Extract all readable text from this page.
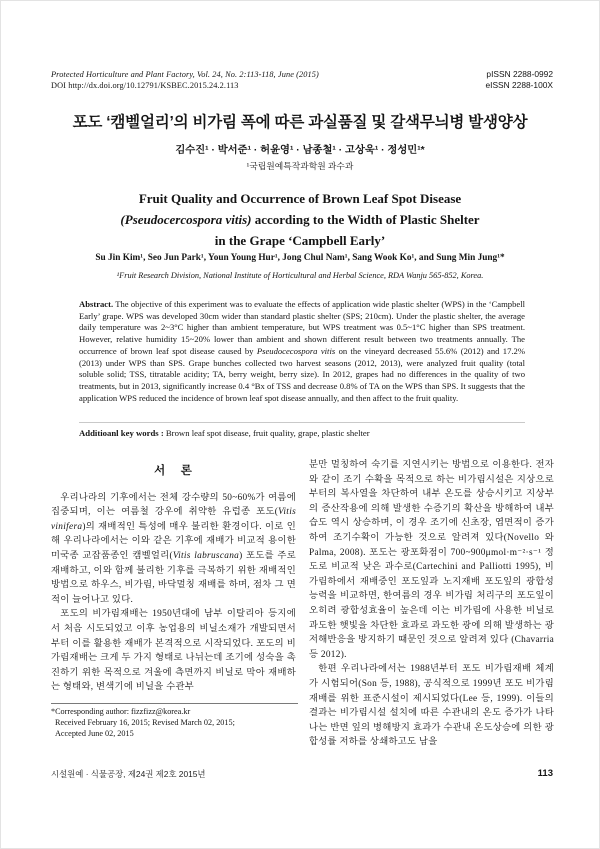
Protected Horticulture and Plant Factory, Vol. 24, No. 2:113-118, June (2015)
DOI http://dx.doi.org/10.12791/KSBEC.2015.24.2.113
pISSN 2288-0992
eISSN 2288-100X
포도 ‘캠벨얼리’의 비가림 폭에 따른 과실품질 및 갈색무늬병 발생양상
김수진¹ · 박서준¹ · 허윤영¹ · 남종철¹ · 고상욱¹ · 정성민¹*
¹국립원예특작과학원 과수과
Fruit Quality and Occurrence of Brown Leaf Spot Disease
(Pseudocercospora vitis) according to the Width of Plastic Shelter
in the Grape ‘Campbell Early’
Su Jin Kim¹, Seo Jun Park¹, Youn Young Hur¹, Jong Chul Nam¹, Sang Wook Ko¹, and Sung Min Jung¹*
¹Fruit Research Division, National Institute of Horticultural and Herbal Science, RDA Wanju 565-852, Korea.
Abstract. The objective of this experiment was to evaluate the effects of application wide plastic shelter (WPS) in the ‘Campbell Early’ grape. WPS was developed 30cm wider than standard plastic shelter (SPS; 210cm). Under the plastic shelter, the average daily temperature was 2~3°C higher than ambient temperature, but WPS treatment was 0.5~1°C higher than SPS treatment. However, relative humidity 15~20% lower than ambient and shown different result between two treatments annually. The occurrence of brown leaf spot disease caused by Pseudocecospora vitis on the vineyard decreased 55.6% (2012) and 17.2% (2013) under WPS than SPS. Grape bunches collected two harvest seasons (2012, 2013), were analyzed fruit quality (total soluble solid; TSS, titratable acidity; TA, berry weight, berry size). In 2012, grapes had no differences in the quality of two treatments, but in 2013, significantly increase 0.4 °Bx of TSS and decrease 0.8% of TA on the WPS than SPS. It suggests that the application WPS reduced the incidence of brown leaf spot disease annually, and then affect to the fruit quality.
Additioanl key words : Brown leaf spot disease, fruit quality, grape, plastic shelter
서 론

우리나라의 기후에서는 전체 강수량의 50~60%가 여름에 집중되며, 이는 여름철 강우에 취약한 유럽종 포도(Vitis vinifera)의 재배적인 특성에 매우 불리한 환경이다. 이로 인해 우리나라에서는 이와 같은 기후에 재배가 비교적 용이한 미국종 교잡품종인 캠벨얼리(Vitis labruscana) 포도를 주로 재배하고, 이와 함께 불리한 기후를 극복하기 위한 재배적인 방법으로 하우스, 비가림, 바닥멀칭 재배를 하며, 점차 그 면적이 늘어나고 있다.

포도의 비가림재배는 1950년대에 남부 이탈리아 등지에서 처음 시도되었고 이후 농업용의 비닐소재가 개발되면서부터 이를 활용한 재배가 본격적으로 시작되었다. 포도의 비가림재배는 크게 두 가지 형태로 나뉘는데 조기에 성숙을 촉진하기 위한 목적으로 겨울에 측면까지 비닐로 막아 재배하는 형태와, 변색기에 비닐을 수관부

분만 멀칭하여 숙기를 지연시키는 방법으로 이용한다. 전자와 같이 조기 수확을 목적으로 하는 비가림시설은 지상으로부터의 복사열을 차단하여 내부 온도를 상승시키고 지상부의 증산작용에 의해 발생한 수증기의 확산을 방해하여 내부 습도 역시 상승하며, 이 경우 조기에 신초장, 엽면적이 증가하여 조기수확이 가능한 것으로 알려져 있다(Novello 와 Palma, 2008). 포도는 광포화점이 700~900μmol·m⁻²·s⁻¹ 정도로 비교적 낮은 과수로(Cartechini and Palliotti 1995), 비가림하에서 재배중인 포도잎과 노지재배 포도잎의 광합성 능력을 비교하면, 한여름의 경우 비가림 처리구의 포도잎이 오히려 광합성효율이 높은데 이는 비가림에 사용한 비닐로 과도한 햇빛을 차단한 효과로 과도한 광에 의해 발생하는 광저해반응을 방지하기 때문인 것으로 알려져 있다 (Chavarria 등 2012).

한편 우리나라에서는 1988년부터 포도 비가림재배 체계가 시험되어(Son 등, 1988), 공식적으로 1999년 포도 비가림 재배를 위한 표준시설이 제시되었다(Lee 등, 1999). 이들의 결과는 비가림시설 설치에 따른 수관내의 온도 증가가 나타나는 반면 잎의 병해방지 효과가 수관내 온도상승에 의한 광합성률 저하를 상쇄하고도 남을

*Corresponding author: fizzfizz@korea.kr
Received February 16, 2015; Revised March 02, 2015;
Accepted June 02, 2015
시설원예 · 식물공장, 제24권 제2호 2015년	113
